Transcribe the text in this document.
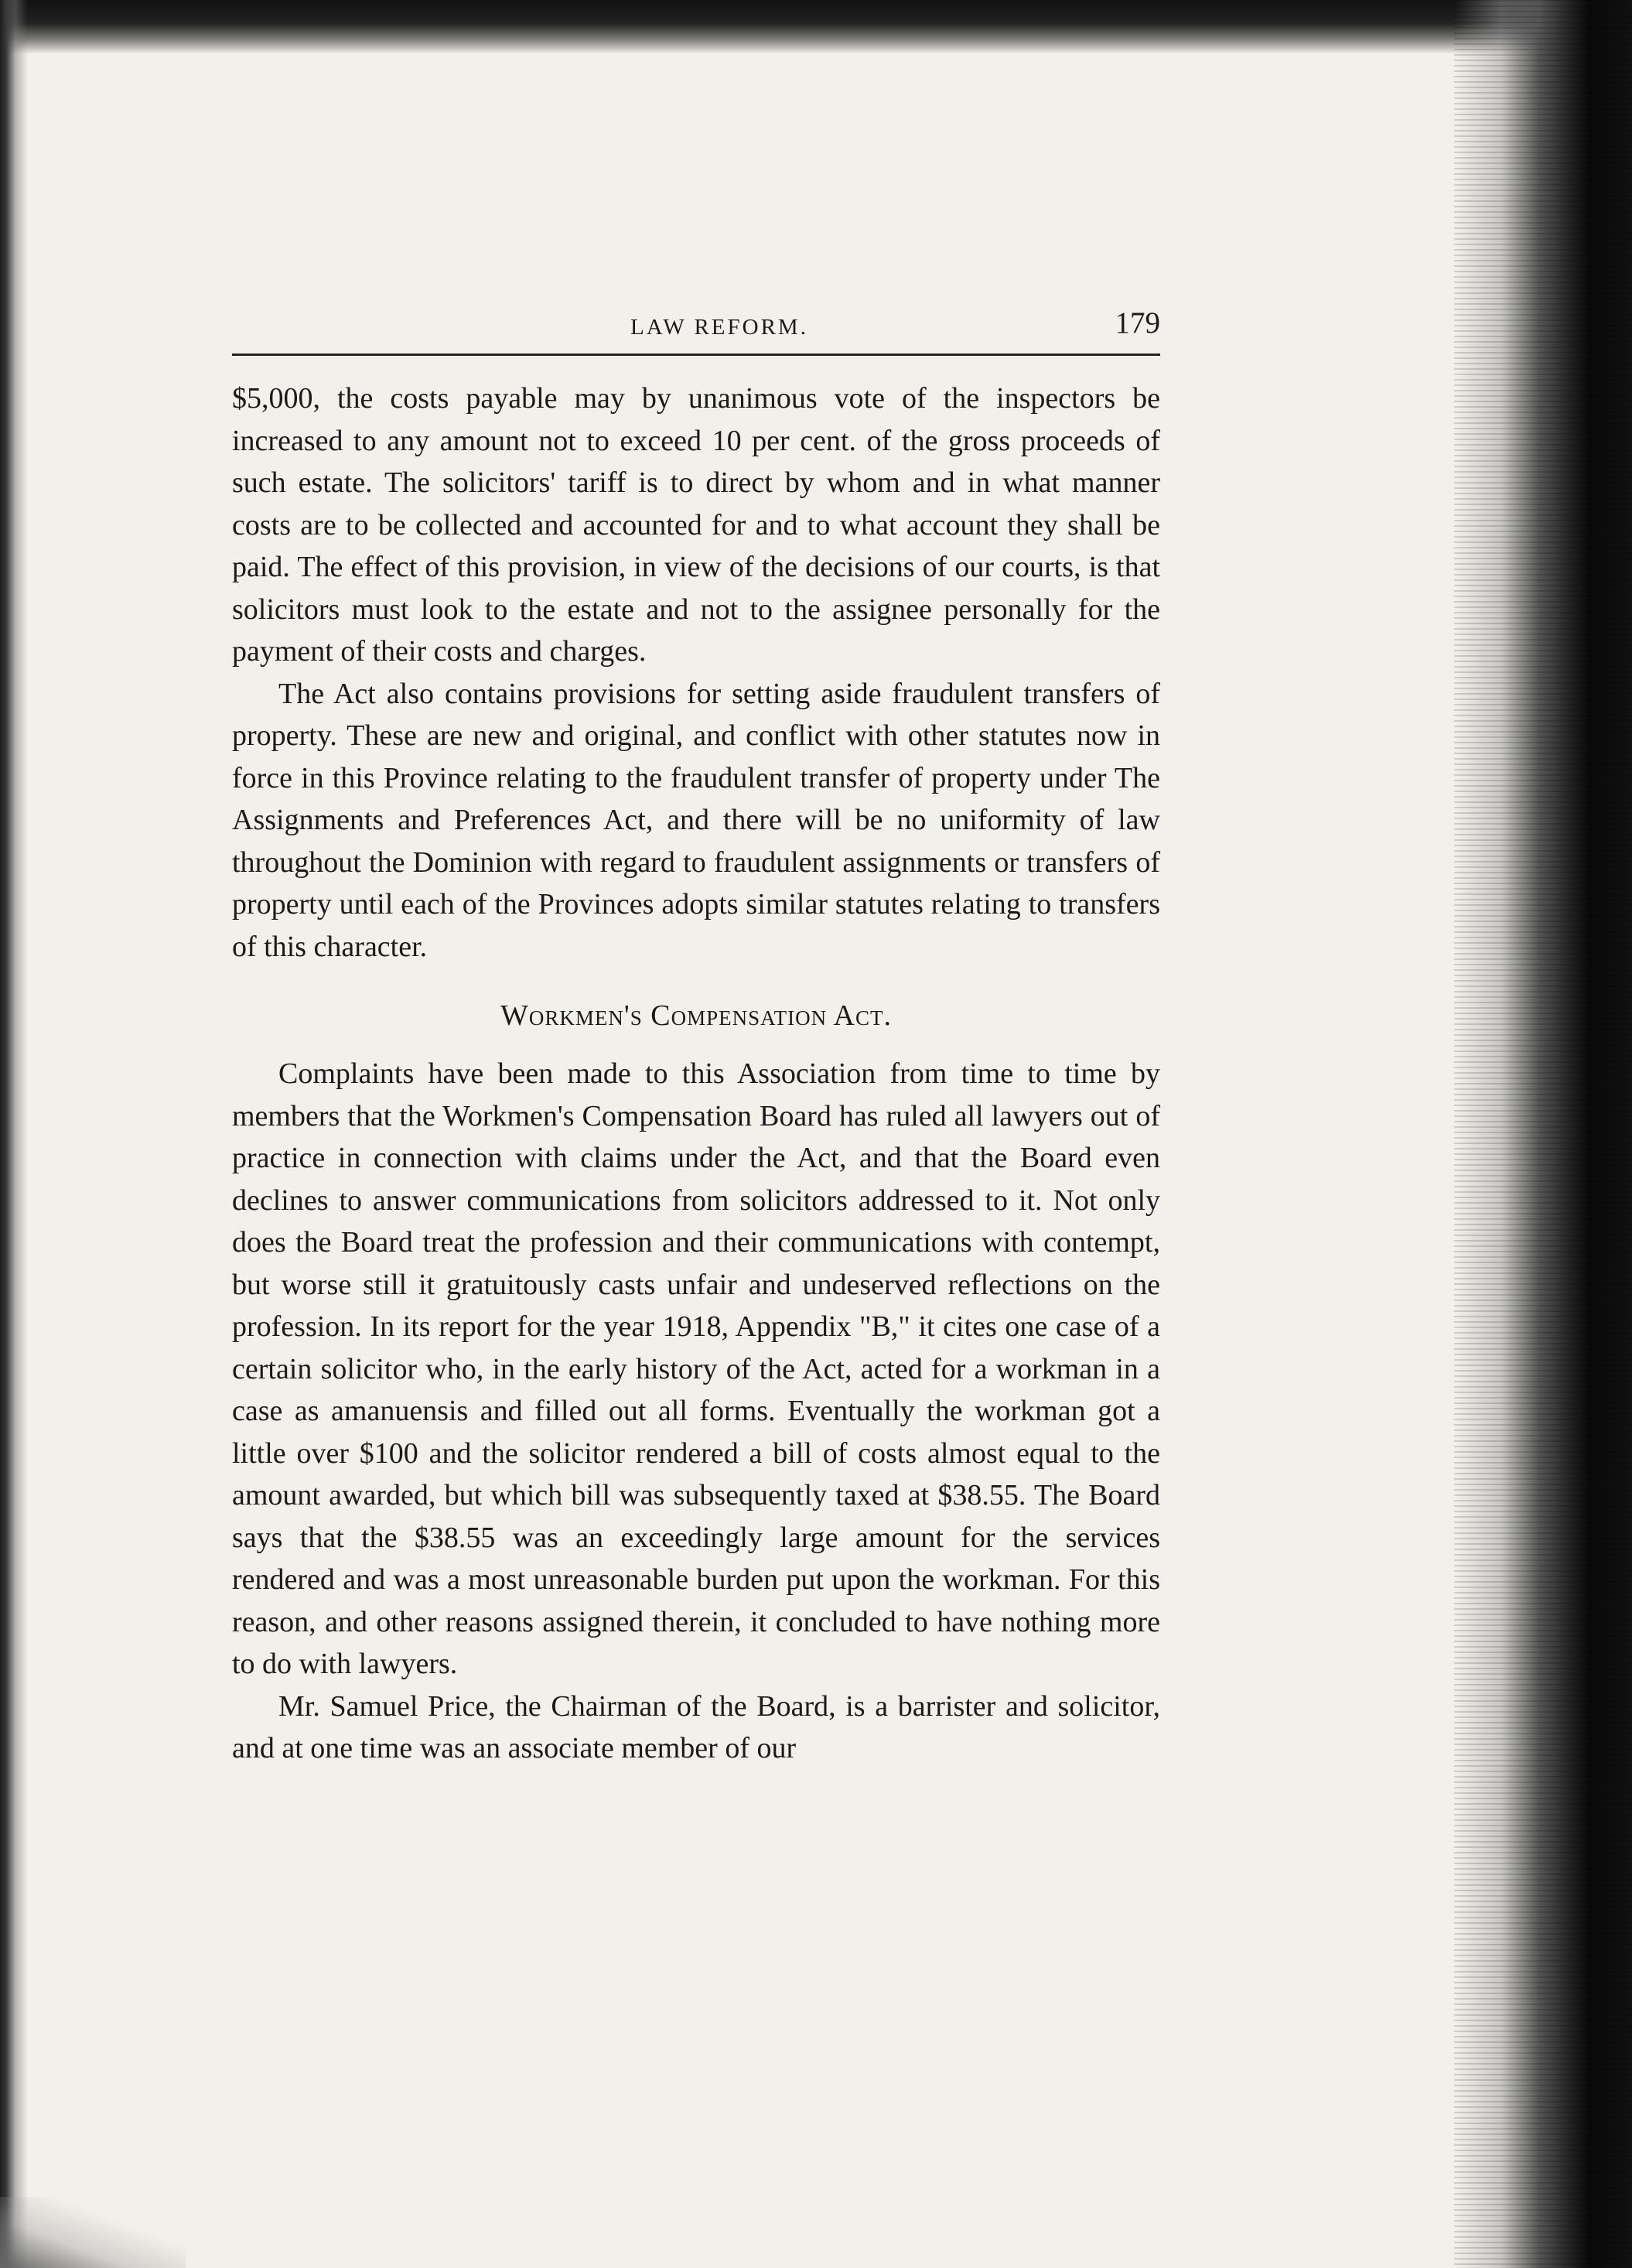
LAW REFORM.	179

$5,000, the costs payable may by unanimous vote of the inspectors be increased to any amount not to exceed 10 per cent. of the gross proceeds of such estate. The solicitors' tariff is to direct by whom and in what manner costs are to be collected and accounted for and to what account they shall be paid. The effect of this provision, in view of the decisions of our courts, is that solicitors must look to the estate and not to the assignee personally for the payment of their costs and charges.

The Act also contains provisions for setting aside fraudulent transfers of property. These are new and original, and conflict with other statutes now in force in this Province relating to the fraudulent transfer of property under The Assignments and Preferences Act, and there will be no uniformity of law throughout the Dominion with regard to fraudulent assignments or transfers of property until each of the Provinces adopts similar statutes relating to transfers of this character.

Workmen's Compensation Act.

Complaints have been made to this Association from time to time by members that the Workmen's Compensation Board has ruled all lawyers out of practice in connection with claims under the Act, and that the Board even declines to answer communications from solicitors addressed to it. Not only does the Board treat the profession and their communications with contempt, but worse still it gratuitously casts unfair and undeserved reflections on the profession. In its report for the year 1918, Appendix "B," it cites one case of a certain solicitor who, in the early history of the Act, acted for a workman in a case as amanuensis and filled out all forms. Eventually the workman got a little over $100 and the solicitor rendered a bill of costs almost equal to the amount awarded, but which bill was subsequently taxed at $38.55. The Board says that the $38.55 was an exceedingly large amount for the services rendered and was a most unreasonable burden put upon the workman. For this reason, and other reasons assigned therein, it concluded to have nothing more to do with lawyers.

Mr. Samuel Price, the Chairman of the Board, is a barrister and solicitor, and at one time was an associate member of our
